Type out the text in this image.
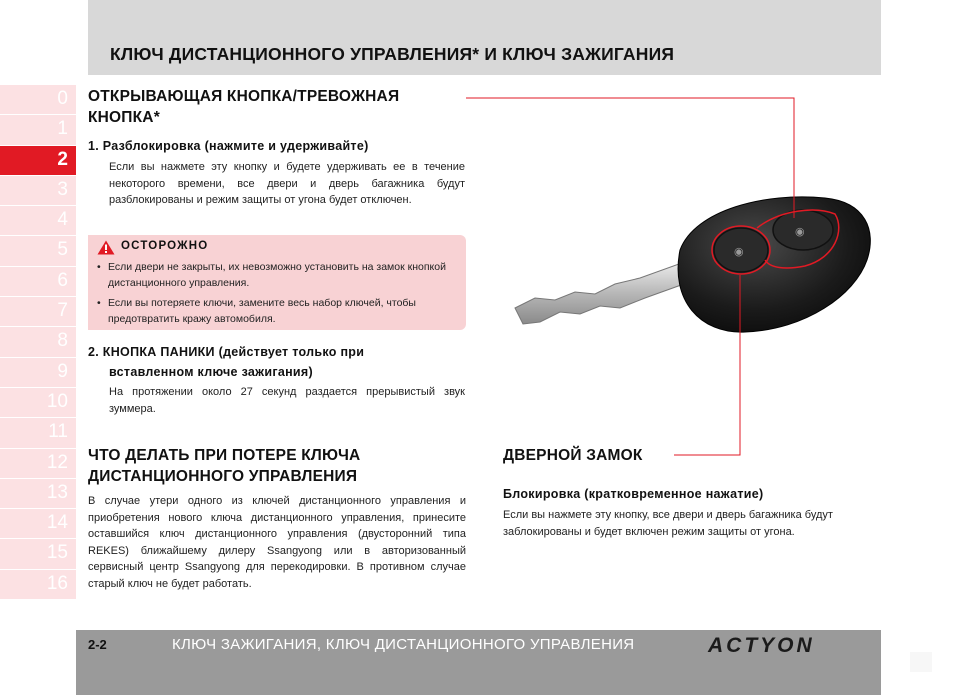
КЛЮЧ ДИСТАНЦИОННОГО УПРАВЛЕНИЯ* И КЛЮЧ ЗАЖИГАНИЯ
0
1
2
3
4
5
6
7
8
9
10
11
12
13
14
15
16
ОТКРЫВАЮЩАЯ КНОПКА/ТРЕВОЖНАЯ
КНОПКА*
1. Разблокировка (нажмите и удерживайте)
Если вы нажмете эту кнопку и будете удерживать ее в течение некоторого времени, все двери и дверь багажника будут разблокированы и режим защиты от угона будет отключен.
ОСТОРОЖНО
• Если двери не закрыты, их невозможно установить на замок кнопкой дистанционного управления.
• Если вы потеряете ключи, замените весь набор ключей, чтобы предотвратить кражу автомобиля.
2. КНОПКА ПАНИКИ (действует только при
вставленном ключе зажигания)
На протяжении около 27 секунд раздается прерывистый звук зуммера.
ЧТО ДЕЛАТЬ ПРИ ПОТЕРЕ КЛЮЧА
ДИСТАНЦИОННОГО УПРАВЛЕНИЯ
В случае утери одного из ключей дистанционного управления и приобретения нового ключа дистанционного управления, принесите оставшийся ключ дистанционного управления (двусторонний типа REKES) ближайшему дилеру Ssangyong или в авторизованный сервисный центр Ssangyong для перекодировки. В противном случае старый ключ не будет работать.
◉
◉
ДВЕРНОЙ ЗАМОК
Блокировка (кратковременное нажатие)
Если вы нажмете эту кнопку, все двери и дверь багажника будут заблокированы и будет включен режим защиты от угона.
2-2	КЛЮЧ ЗАЖИГАНИЯ, КЛЮЧ ДИСТАНЦИОННОГО УПРАВЛЕНИЯ	ACTYON
